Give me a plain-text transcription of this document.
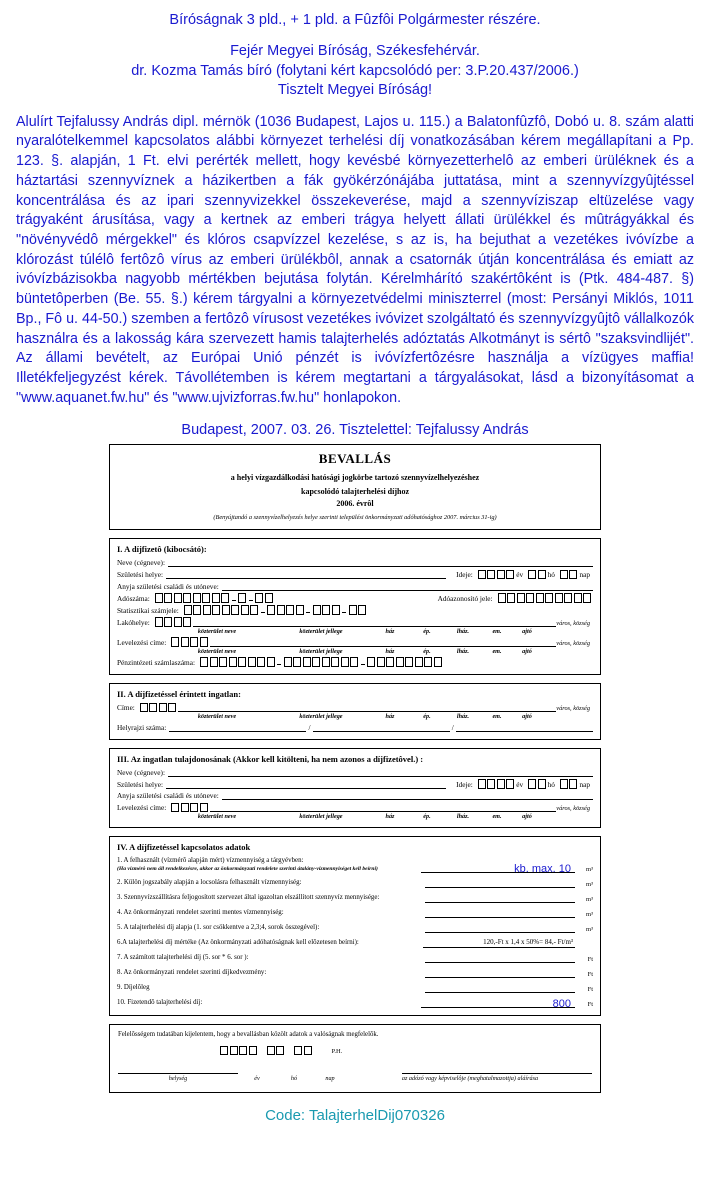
Bíróságnak 3 pld., + 1 pld. a Fûzfôi Polgármester részére.
Fejér Megyei Bíróság, Székesfehérvár.
dr. Kozma Tamás bíró (folytani kért kapcsolódó per: 3.P.20.437/2006.)
Tisztelt Megyei Bíróság!
Alulírt Tejfalussy András dipl. mérnök (1036 Budapest, Lajos u. 115.) a Balatonfûzfô, Dobó u. 8. szám alatti nyaralótelkemmel kapcsolatos alábbi környezet terhelési díj vonatkozásában kérem megállapítani a Pp. 123. §. alapján, 1 Ft. elvi perérték mellett, hogy kevésbé környezetterhelô az emberi ürüléknek és a háztartási szennyvíznek a házikertben a fák gyökérzónájába juttatása, mint a szennyvízgyûjtéssel koncentrálása és az ipari szennyvizekkel összekeverése, majd a szennyvíziszap eltüzelése vagy trágyaként árusítása, vagy a kertnek az emberi trágya helyett állati ürülékkel és mûtrágyákkal és "növényvédô mérgekkel" és klóros csapvízzel kezelése, s az is, ha bejuthat a vezetékes ivóvízbe a klórozást túlélô fertôzô vírus az emberi ürülékbôl, annak a csatornák útján koncentrálása és emiatt az ivóvízbázisokba nagyobb mértékben bejutása folytán. Kérelmhárító szakértôként is (Ptk. 484-487. §) büntetôperben (Be. 55. §.) kérem tárgyalni a környezetvédelmi miniszterrel (most: Persányi Miklós, 1011 Bp., Fô u. 44-50.) szemben a fertôzô vírusost vezetékes ivóvizet szolgáltató és szennyvízgyûjtô vállalkozók használra és a lakosság kára szervezett hamis talajterhelés adóztatás Alkotmányt is sértô "szaksvindlijét". Az állami bevételt, az Európai Unió pénzét is ivóvízfertôzésre használja a vízügyes maffia! Illetékfeljegyzést kérek. Távollétemben is kérem megtartani a tárgyalásokat, lásd a bizonyításomat a "www.aquanet.fw.hu" és "www.ujvizforras.fw.hu" honlapokon.
Budapest, 2007. 03. 26. Tisztelettel: Tejfalussy András
BEVALLÁS
a helyi vízgazdálkodási hatósági jogkörbe tartozó szennyvízelhelyezéshez
kapcsolódó talajterhelési díjhoz
2006. évrôl
(Benyújtandó a szennyvízelhelyezés helye szerinti települési önkormányzati adóhatósághoz 2007. március 31-ig)
I. A díjfizetô (kibocsátó):
Neve (cégneve):
Születési helye:	Ideje:	év	hó	nap
Anyja születési családi és utóneve:
Adószáma:	Adóazonosító jele:
Statisztikai számjele:
Lakóhelye:	város, község
közterület neve	közterület jellege	ház	ép.	lház.	em.	ajtó
Levelezési címe:	város, község
közterület neve	közterület jellege	ház	ép.	lház.	em.	ajtó
Pénzintézeti számlaszáma:
II. A díjfizetéssel érintett ingatlan:
Címe:	város, község
közterület neve	közterület jellege	ház	ép.	lház.	em.	ajtó
Helyrajzi száma:	/	/
III. Az ingatlan tulajdonosának (Akkor kell kitölteni, ha nem azonos a díjfizetôvel.) :
Neve (cégneve):
Születési helye:	Ideje:	év	hó	nap
Anyja születési családi és utóneve:
Levelezési címe:	város, község
közterület neve	közterület jellege	ház	ép.	lház.	em.	ajtó
IV. A díjfizetéssel kapcsolatos adatok
1. A felhasznált (vízmérô alapján mért) vízmennyiség a tárgyévben:
(Ha vízmérô nem áll rendelkezésre, akkor az önkormányzati rendelete szerinti átalány-vízmennyiséget kell beírni)	kb. max. 10	m³
2. Külön jogszabály alapján a locsolásra felhasznált vízmennyiség:	m³
3. Szennyvízszállításra feljogosított szervezet által igazoltan elszállított szennyvíz mennyisége:	m³
4. Az önkormányzati rendelet szerinti mentes vízmennyiség:	m³
5. A talajterhelési díj alapja (1. sor csökkentve a 2,3;4, sorok összegével):	m³
6.A talajterhelési díj mértéke (Az önkormányzati adóhatóságnak kell elôzetesen beírni):	120,-Ft x 1,4 x 50%= 84,- Ft/m³
7. A számított talajterhelési díj (5. sor * 6. sor ):	Ft
8. Az önkormányzati rendelet szerinti díjkedvezmény:	Ft
9. Díjelôleg	Ft
10. Fizetendô talajterhelési díj:	800	Ft
Felelôsségem tudatában kijelentem, hogy a bevallásban közölt adatok a valóságnak megfelelôk.
P.H.
helység	év	hó	nap	az adózó vagy képviselôje (meghatalmazottja) aláírása
Code: TalajterhelDij070326
